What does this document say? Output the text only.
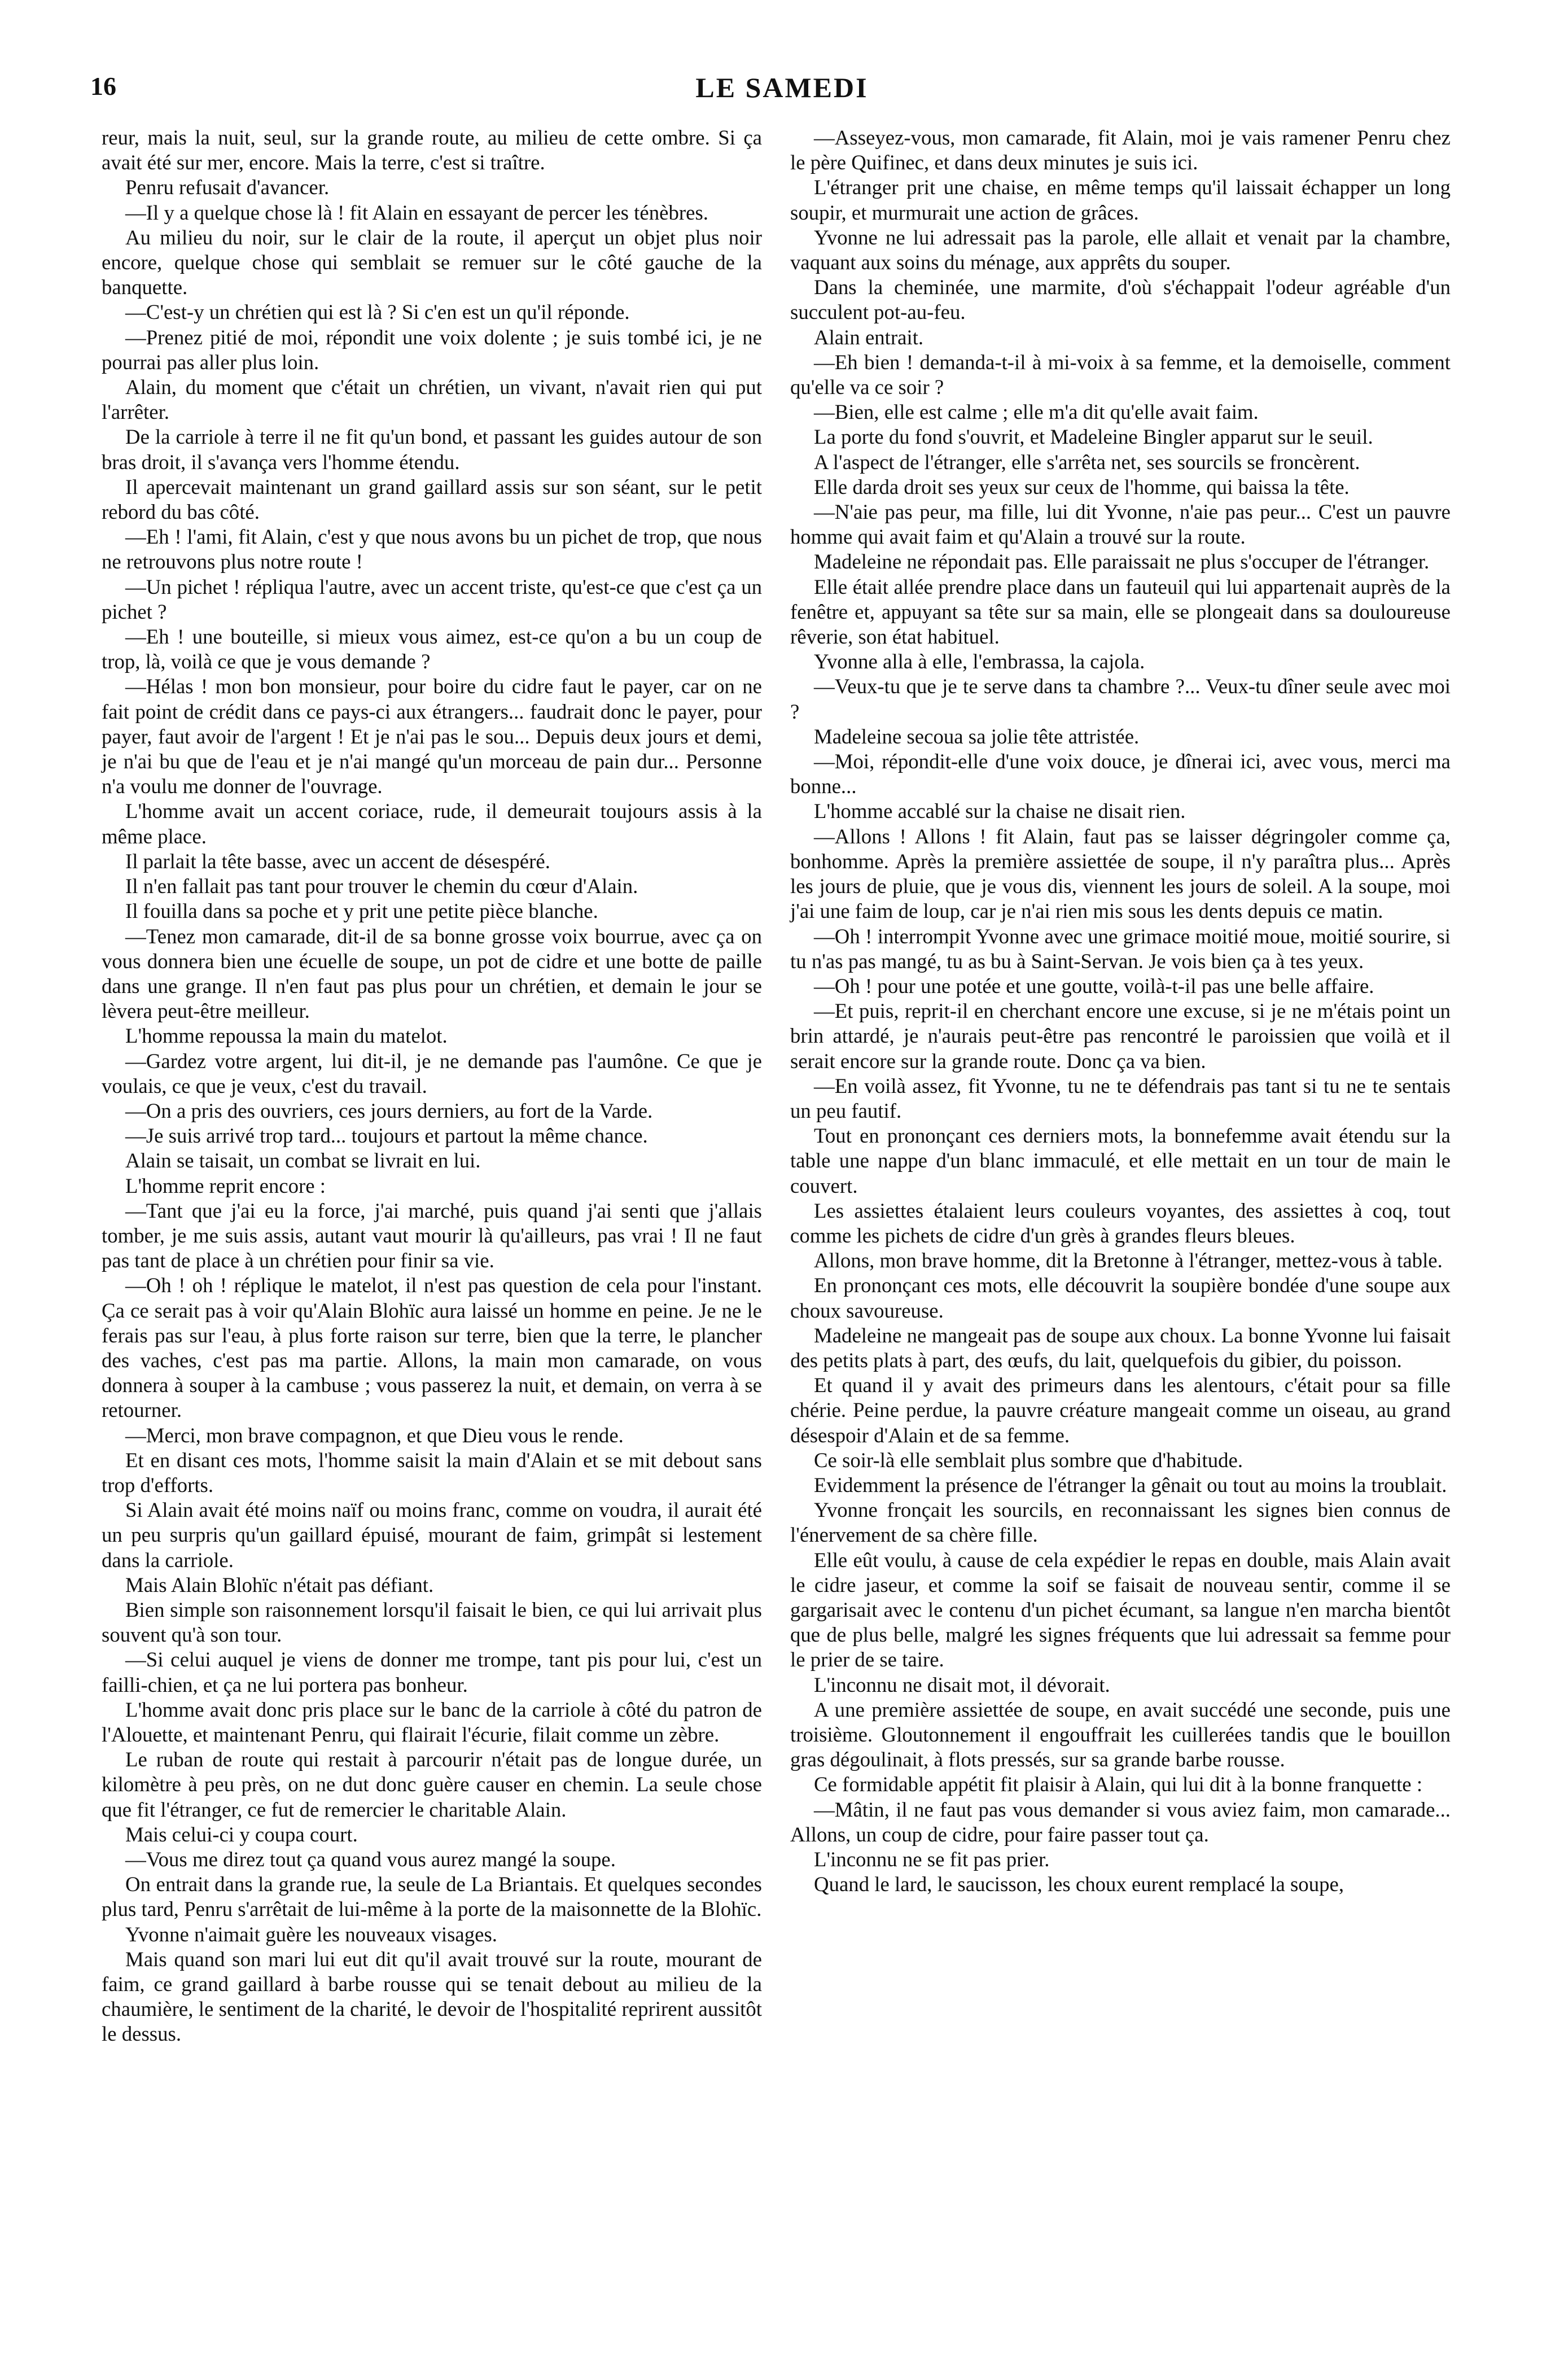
16	LE SAMEDI

reur, mais la nuit, seul, sur la grande route, au milieu de cette ombre. Si ça avait été sur mer, encore. Mais la terre, c'est si traître.

Penru refusait d'avancer.

—Il y a quelque chose là ! fit Alain en essayant de percer les ténèbres.

Au milieu du noir, sur le clair de la route, il aperçut un objet plus noir encore, quelque chose qui semblait se remuer sur le côté gauche de la banquette.

—C'est-y un chrétien qui est là ? Si c'en est un qu'il réponde.

—Prenez pitié de moi, répondit une voix dolente ; je suis tombé ici, je ne pourrai pas aller plus loin.

Alain, du moment que c'était un chrétien, un vivant, n'avait rien qui put l'arrêter.

De la carriole à terre il ne fit qu'un bond, et passant les guides autour de son bras droit, il s'avança vers l'homme étendu.

Il apercevait maintenant un grand gaillard assis sur son séant, sur le petit rebord du bas côté.

—Eh ! l'ami, fit Alain, c'est y que nous avons bu un pichet de trop, que nous ne retrouvons plus notre route !

—Un pichet ! répliqua l'autre, avec un accent triste, qu'est-ce que c'est ça un pichet ?

—Eh ! une bouteille, si mieux vous aimez, est-ce qu'on a bu un coup de trop, là, voilà ce que je vous demande ?

—Hélas ! mon bon monsieur, pour boire du cidre faut le payer, car on ne fait point de crédit dans ce pays-ci aux étrangers... faudrait donc le payer, pour payer, faut avoir de l'argent ! Et je n'ai pas le sou... Depuis deux jours et demi, je n'ai bu que de l'eau et je n'ai mangé qu'un morceau de pain dur... Personne n'a voulu me donner de l'ouvrage.

L'homme avait un accent coriace, rude, il demeurait toujours assis à la même place.

Il parlait la tête basse, avec un accent de désespéré.

Il n'en fallait pas tant pour trouver le chemin du cœur d'Alain.

Il fouilla dans sa poche et y prit une petite pièce blanche.

—Tenez mon camarade, dit-il de sa bonne grosse voix bourrue, avec ça on vous donnera bien une écuelle de soupe, un pot de cidre et une botte de paille dans une grange. Il n'en faut pas plus pour un chrétien, et demain le jour se lèvera peut-être meilleur.

L'homme repoussa la main du matelot.

—Gardez votre argent, lui dit-il, je ne demande pas l'aumône. Ce que je voulais, ce que je veux, c'est du travail.

—On a pris des ouvriers, ces jours derniers, au fort de la Varde.

—Je suis arrivé trop tard... toujours et partout la même chance.

Alain se taisait, un combat se livrait en lui.

L'homme reprit encore :

—Tant que j'ai eu la force, j'ai marché, puis quand j'ai senti que j'allais tomber, je me suis assis, autant vaut mourir là qu'ailleurs, pas vrai ! Il ne faut pas tant de place à un chrétien pour finir sa vie.

—Oh ! oh ! réplique le matelot, il n'est pas question de cela pour l'instant. Ça ce serait pas à voir qu'Alain Blohïc aura laissé un homme en peine. Je ne le ferais pas sur l'eau, à plus forte raison sur terre, bien que la terre, le plancher des vaches, c'est pas ma partie. Allons, la main mon camarade, on vous donnera à souper à la cambuse ; vous passerez la nuit, et demain, on verra à se retourner.

—Merci, mon brave compagnon, et que Dieu vous le rende.

Et en disant ces mots, l'homme saisit la main d'Alain et se mit debout sans trop d'efforts.

Si Alain avait été moins naïf ou moins franc, comme on voudra, il aurait été un peu surpris qu'un gaillard épuisé, mourant de faim, grimpât si lestement dans la carriole.

Mais Alain Blohïc n'était pas défiant.

Bien simple son raisonnement lorsqu'il faisait le bien, ce qui lui arrivait plus souvent qu'à son tour.

—Si celui auquel je viens de donner me trompe, tant pis pour lui, c'est un failli-chien, et ça ne lui portera pas bonheur.

L'homme avait donc pris place sur le banc de la carriole à côté du patron de l'Alouette, et maintenant Penru, qui flairait l'écurie, filait comme un zèbre.

Le ruban de route qui restait à parcourir n'était pas de longue durée, un kilomètre à peu près, on ne dut donc guère causer en chemin. La seule chose que fit l'étranger, ce fut de remercier le charitable Alain.

Mais celui-ci y coupa court.

—Vous me direz tout ça quand vous aurez mangé la soupe.

On entrait dans la grande rue, la seule de La Briantais. Et quelques secondes plus tard, Penru s'arrêtait de lui-même à la porte de la maisonnette de la Blohïc.

Yvonne n'aimait guère les nouveaux visages.

Mais quand son mari lui eut dit qu'il avait trouvé sur la route, mourant de faim, ce grand gaillard à barbe rousse qui se tenait debout au milieu de la chaumière, le sentiment de la charité, le devoir de l'hospitalité reprirent aussitôt le dessus.

—Asseyez-vous, mon camarade, fit Alain, moi je vais ramener Penru chez le père Quifinec, et dans deux minutes je suis ici.

L'étranger prit une chaise, en même temps qu'il laissait échapper un long soupir, et murmurait une action de grâces.

Yvonne ne lui adressait pas la parole, elle allait et venait par la chambre, vaquant aux soins du ménage, aux apprêts du souper.

Dans la cheminée, une marmite, d'où s'échappait l'odeur agréable d'un succulent pot-au-feu.

Alain entrait.

—Eh bien ! demanda-t-il à mi-voix à sa femme, et la demoiselle, comment qu'elle va ce soir ?

—Bien, elle est calme ; elle m'a dit qu'elle avait faim.

La porte du fond s'ouvrit, et Madeleine Bingler apparut sur le seuil.

A l'aspect de l'étranger, elle s'arrêta net, ses sourcils se froncèrent.

Elle darda droit ses yeux sur ceux de l'homme, qui baissa la tête.

—N'aie pas peur, ma fille, lui dit Yvonne, n'aie pas peur... C'est un pauvre homme qui avait faim et qu'Alain a trouvé sur la route.

Madeleine ne répondait pas. Elle paraissait ne plus s'occuper de l'étranger.

Elle était allée prendre place dans un fauteuil qui lui appartenait auprès de la fenêtre et, appuyant sa tête sur sa main, elle se plongeait dans sa douloureuse rêverie, son état habituel.

Yvonne alla à elle, l'embrassa, la cajola.

—Veux-tu que je te serve dans ta chambre ?... Veux-tu dîner seule avec moi ?

Madeleine secoua sa jolie tête attristée.

—Moi, répondit-elle d'une voix douce, je dînerai ici, avec vous, merci ma bonne...

L'homme accablé sur la chaise ne disait rien.

—Allons ! Allons ! fit Alain, faut pas se laisser dégringoler comme ça, bonhomme. Après la première assiettée de soupe, il n'y paraîtra plus... Après les jours de pluie, que je vous dis, viennent les jours de soleil. A la soupe, moi j'ai une faim de loup, car je n'ai rien mis sous les dents depuis ce matin.

—Oh ! interrompit Yvonne avec une grimace moitié moue, moitié sourire, si tu n'as pas mangé, tu as bu à Saint-Servan. Je vois bien ça à tes yeux.

—Oh ! pour une potée et une goutte, voilà-t-il pas une belle affaire.

—Et puis, reprit-il en cherchant encore une excuse, si je ne m'étais point un brin attardé, je n'aurais peut-être pas rencontré le paroissien que voilà et il serait encore sur la grande route. Donc ça va bien.

—En voilà assez, fit Yvonne, tu ne te défendrais pas tant si tu ne te sentais un peu fautif.

Tout en prononçant ces derniers mots, la bonnefemme avait étendu sur la table une nappe d'un blanc immaculé, et elle mettait en un tour de main le couvert.

Les assiettes étalaient leurs couleurs voyantes, des assiettes à coq, tout comme les pichets de cidre d'un grès à grandes fleurs bleues.

Allons, mon brave homme, dit la Bretonne à l'étranger, mettez-vous à table.

En prononçant ces mots, elle découvrit la soupière bondée d'une soupe aux choux savoureuse.

Madeleine ne mangeait pas de soupe aux choux. La bonne Yvonne lui faisait des petits plats à part, des œufs, du lait, quelquefois du gibier, du poisson.

Et quand il y avait des primeurs dans les alentours, c'était pour sa fille chérie. Peine perdue, la pauvre créature mangeait comme un oiseau, au grand désespoir d'Alain et de sa femme.

Ce soir-là elle semblait plus sombre que d'habitude.

Evidemment la présence de l'étranger la gênait ou tout au moins la troublait.

Yvonne fronçait les sourcils, en reconnaissant les signes bien connus de l'énervement de sa chère fille.

Elle eût voulu, à cause de cela expédier le repas en double, mais Alain avait le cidre jaseur, et comme la soif se faisait de nouveau sentir, comme il se gargarisait avec le contenu d'un pichet écumant, sa langue n'en marcha bientôt que de plus belle, malgré les signes fréquents que lui adressait sa femme pour le prier de se taire.

L'inconnu ne disait mot, il dévorait.

A une première assiettée de soupe, en avait succédé une seconde, puis une troisième. Gloutonnement il engouffrait les cuillerées tandis que le bouillon gras dégoulinait, à flots pressés, sur sa grande barbe rousse.

Ce formidable appétit fit plaisir à Alain, qui lui dit à la bonne franquette :

—Mâtin, il ne faut pas vous demander si vous aviez faim, mon camarade... Allons, un coup de cidre, pour faire passer tout ça.

L'inconnu ne se fit pas prier.

Quand le lard, le saucisson, les choux eurent remplacé la soupe,
